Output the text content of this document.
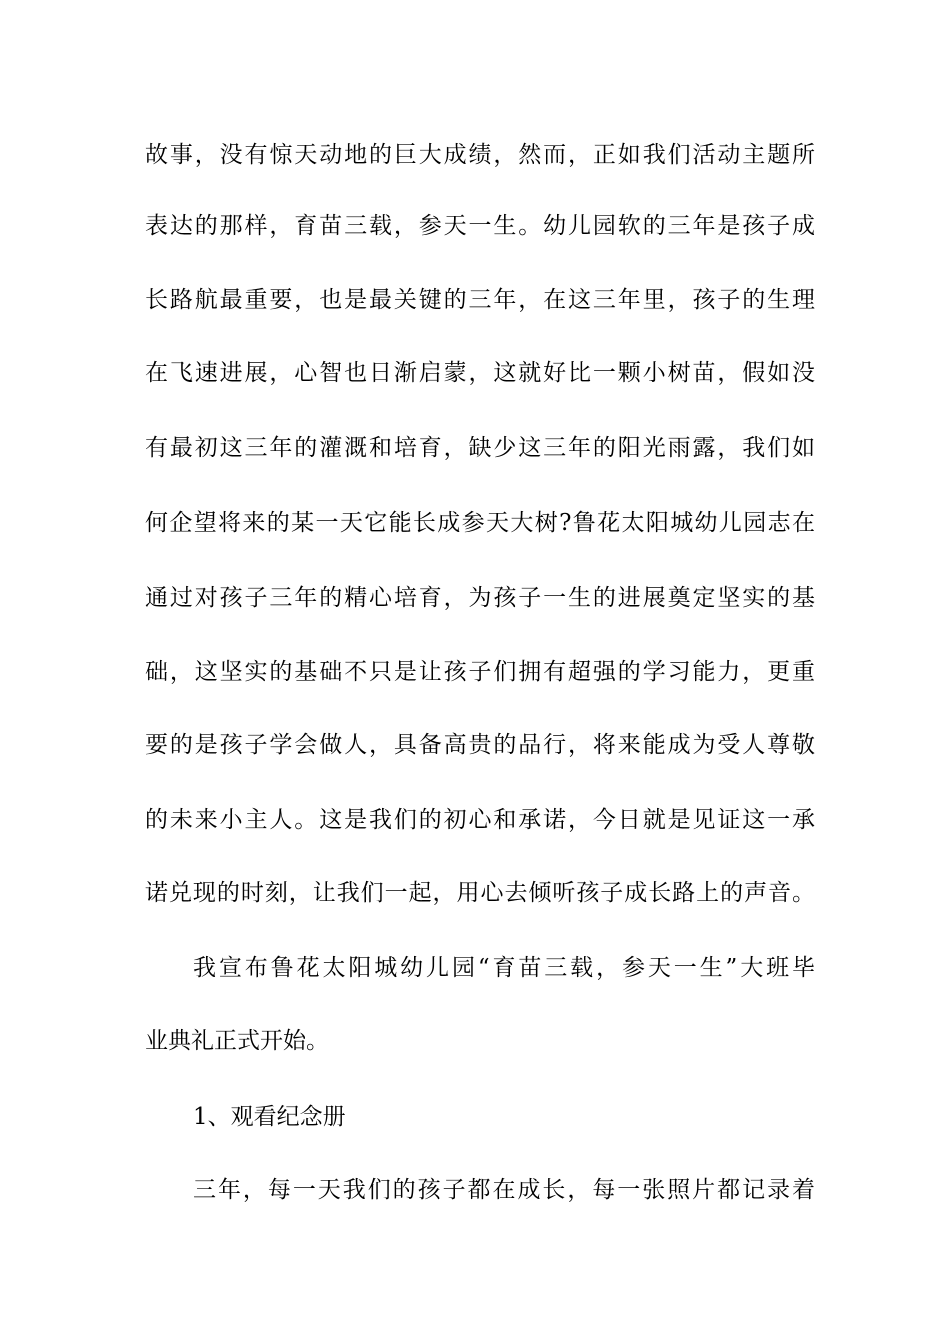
故事，没有惊天动地的巨大成绩，然而，正如我们活动主题所
表达的那样，育苗三载，参天一生。幼儿园软的三年是孩子成
长路航最重要，也是最关键的三年，在这三年里，孩子的生理
在飞速进展，心智也日渐启蒙，这就好比一颗小树苗，假如没
有最初这三年的灌溉和培育，缺少这三年的阳光雨露，我们如
何企望将来的某一天它能长成参天大树?鲁花太阳城幼儿园志在
通过对孩子三年的精心培育，为孩子一生的进展奠定坚实的基
础，这坚实的基础不只是让孩子们拥有超强的学习能力，更重
要的是孩子学会做人，具备高贵的品行，将来能成为受人尊敬
的未来小主人。这是我们的初心和承诺，今日就是见证这一承
诺兑现的时刻，让我们一起，用心去倾听孩子成长路上的声音。
我宣布鲁花太阳城幼儿园“育苗三载，参天一生”大班毕
业典礼正式开始。
1、观看纪念册
三年，每一天我们的孩子都在成长，每一张照片都记录着
